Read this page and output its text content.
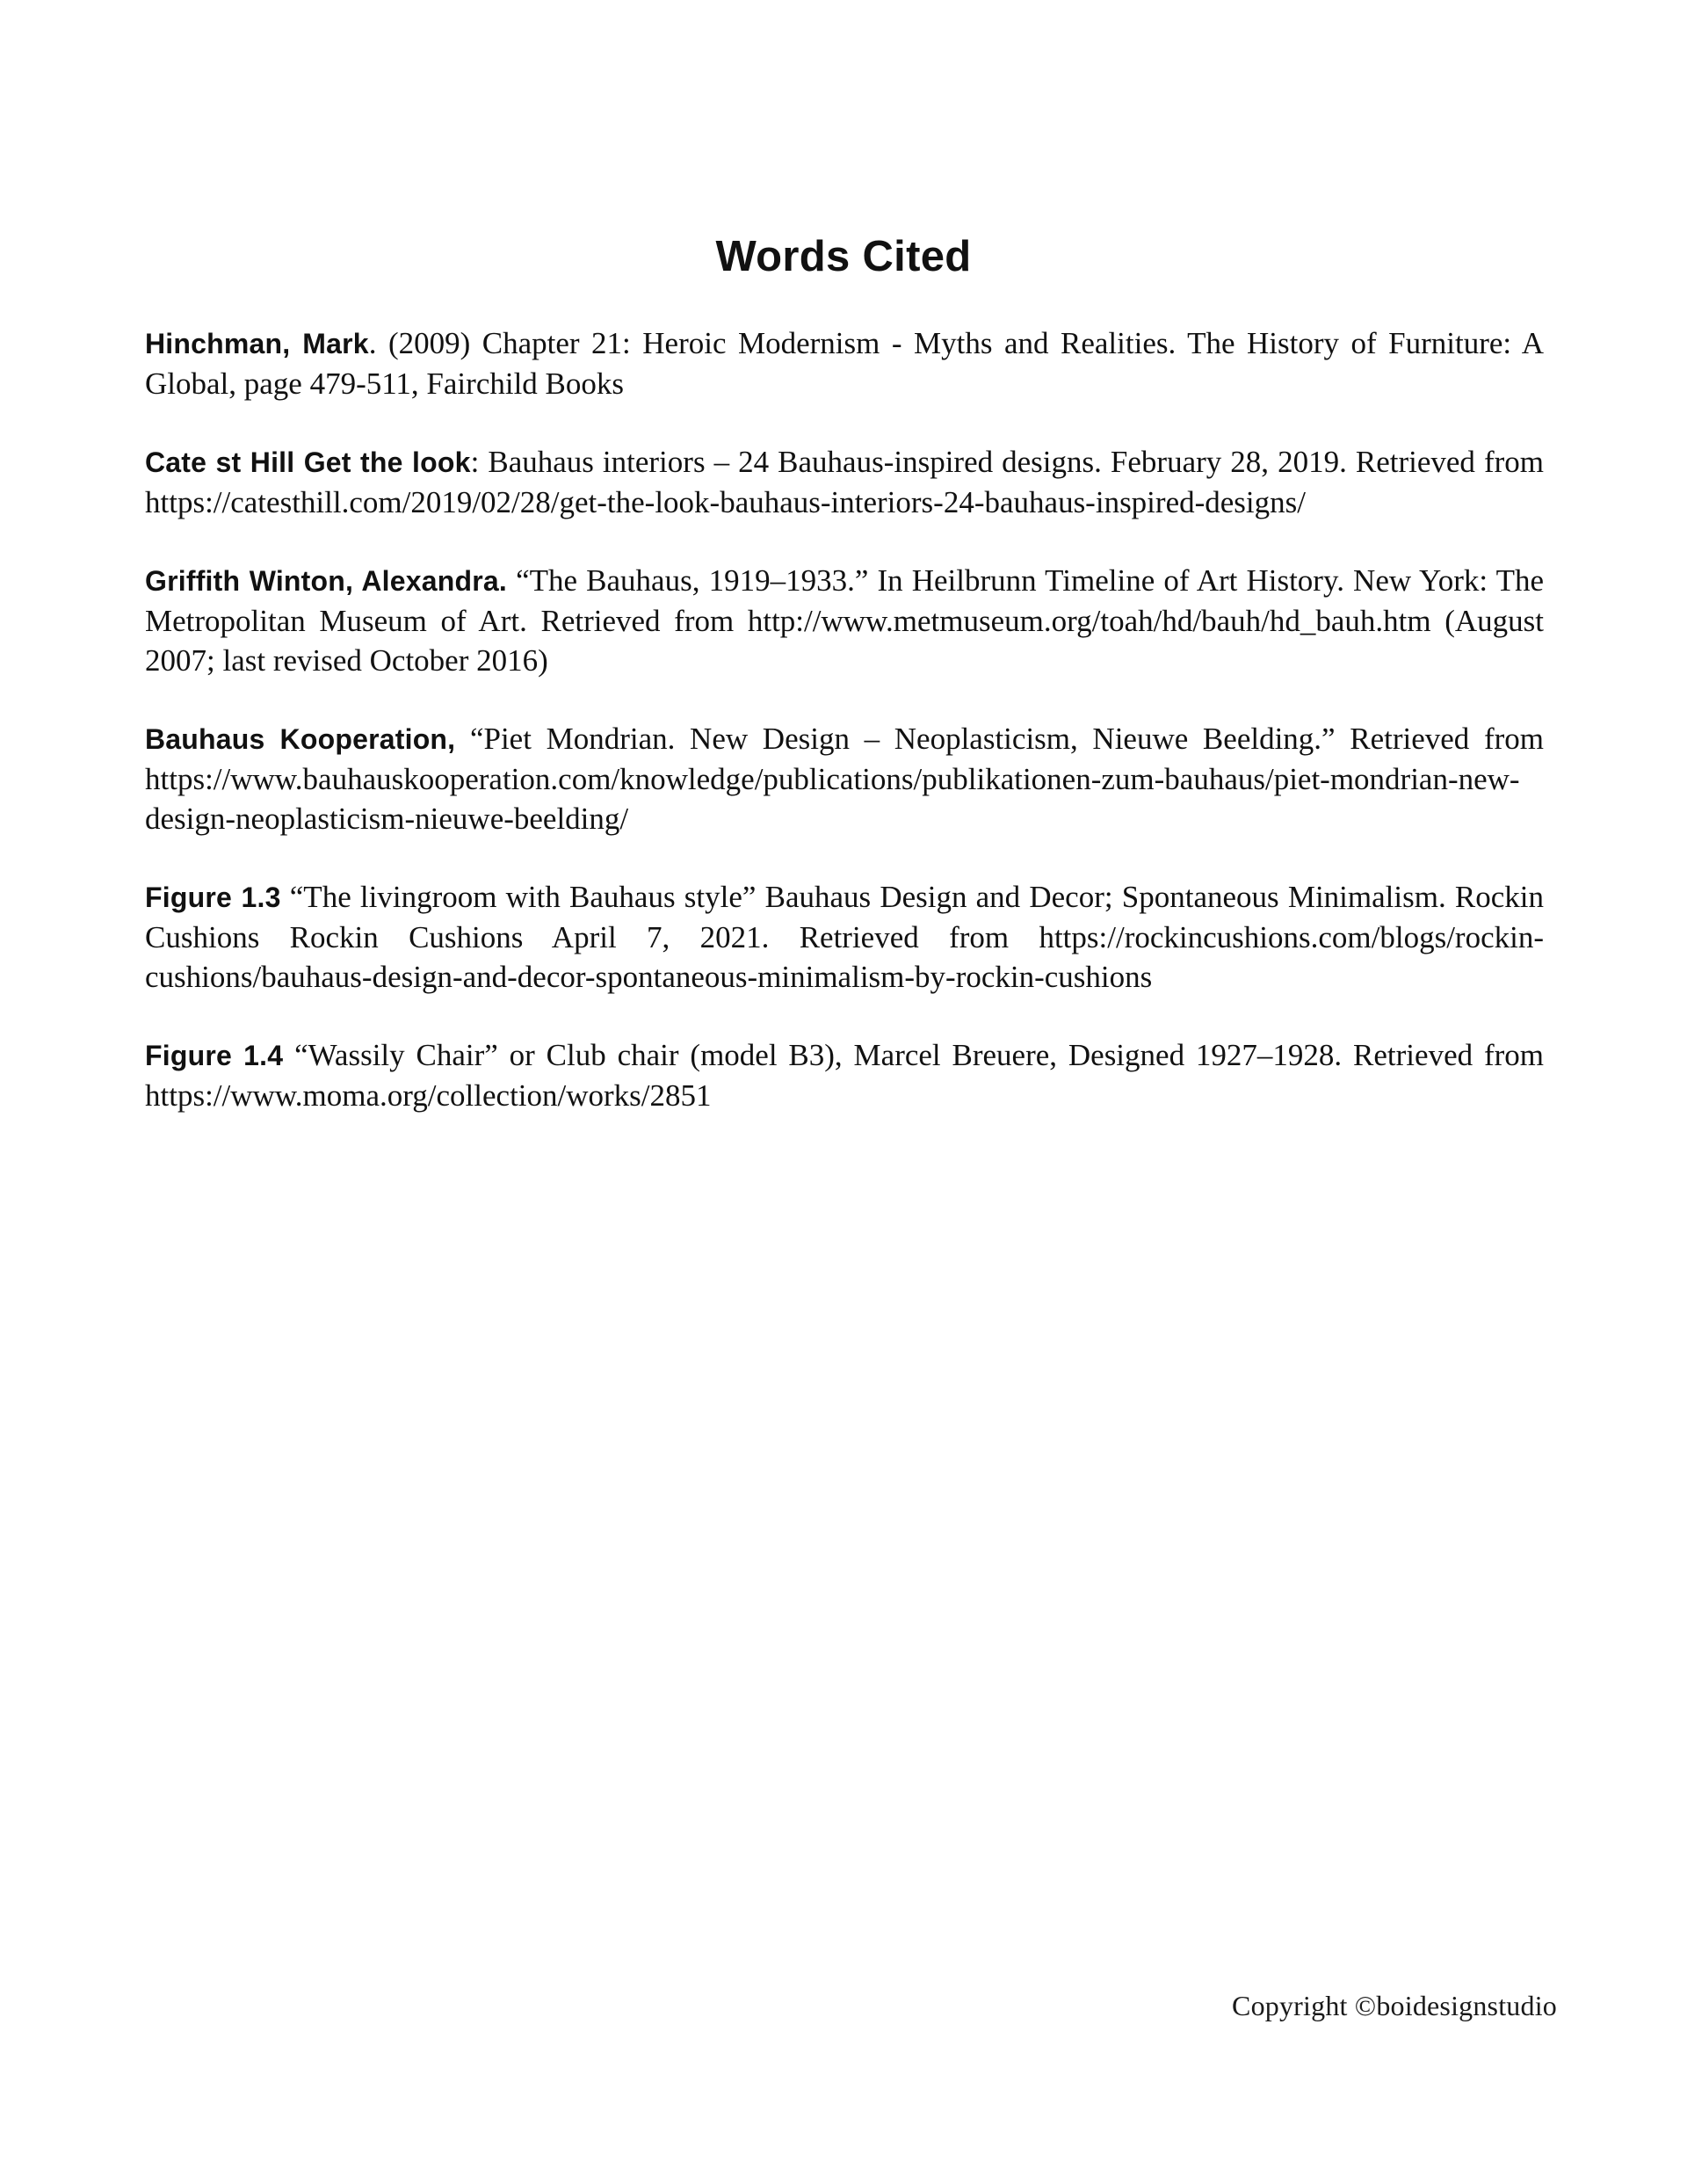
Words Cited

Hinchman, Mark. (2009) Chapter 21: Heroic Modernism - Myths and Realities. The History of Furniture: A Global, page 479-511, Fairchild Books

Cate st Hill Get the look: Bauhaus interiors – 24 Bauhaus-inspired designs. February 28, 2019. Retrieved from https://catesthill.com/2019/02/28/get-the-look-bauhaus-interiors-24-bauhaus-inspired-designs/

Griffith Winton, Alexandra. “The Bauhaus, 1919–1933.” In Heilbrunn Timeline of Art History. New York: The Metropolitan Museum of Art. Retrieved from http://www.metmuseum.org/toah/hd/bauh/hd_bauh.htm (August 2007; last revised October 2016)

Bauhaus Kooperation, “Piet Mondrian. New Design – Neoplasticism, Nieuwe Beelding.” Retrieved from https://www.bauhauskooperation.com/knowledge/publications/publikationen-zum-bauhaus/piet-mondrian-new-design-neoplasticism-nieuwe-beelding/

Figure 1.3 “The livingroom with Bauhaus style” Bauhaus Design and Decor; Spontaneous Minimalism. Rockin Cushions Rockin Cushions April 7, 2021. Retrieved from https://rockincushions.com/blogs/rockin-cushions/bauhaus-design-and-decor-spontaneous-minimalism-by-rockin-cushions

Figure 1.4 “Wassily Chair” or Club chair (model B3), Marcel Breuere, Designed 1927–1928. Retrieved from https://www.moma.org/collection/works/2851

Copyright ©boidesignstudio
